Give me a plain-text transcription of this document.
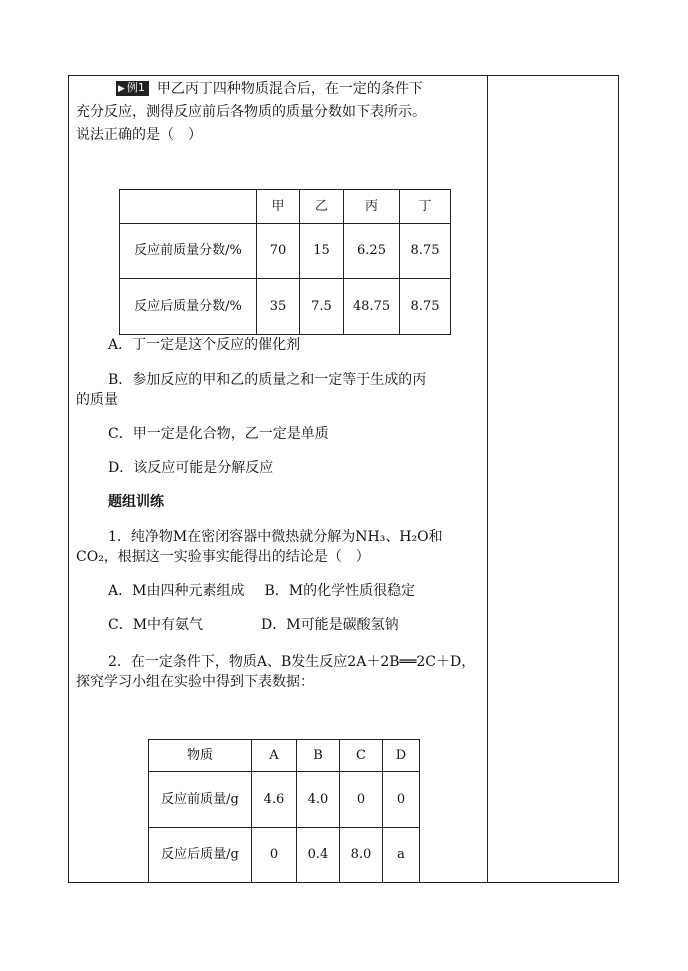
▶ 例1 甲乙丙丁四种物质混合后，在一定的条件下

充分反应，测得反应前后各物质的质量分数如下表所示。

说法正确的是（　）

	甲	乙	丙	丁
反应前质量分数/%	70	15	6.25	8.75
反应后质量分数/%	35	7.5	48.75	8.75

A．丁一定是这个反应的催化剂

B．参加反应的甲和乙的质量之和一定等于生成的丙

的质量

C．甲一定是化合物，乙一定是单质

D．该反应可能是分解反应

题组训练

1．纯净物M在密闭容器中微热就分解为NH₃、H₂O和

CO₂，根据这一实验事实能得出的结论是（　）

A．M由四种元素组成 B．M的化学性质很稳定

C．M中有氨气	D．M可能是碳酸氢钠

2．在一定条件下，物质A、B发生反应2A＋2B══2C＋D，

探究学习小组在实验中得到下表数据：

物质	A	B	C	D
反应前质量/g	4.6	4.0	0	0
反应后质量/g	0	0.4	8.0	a
